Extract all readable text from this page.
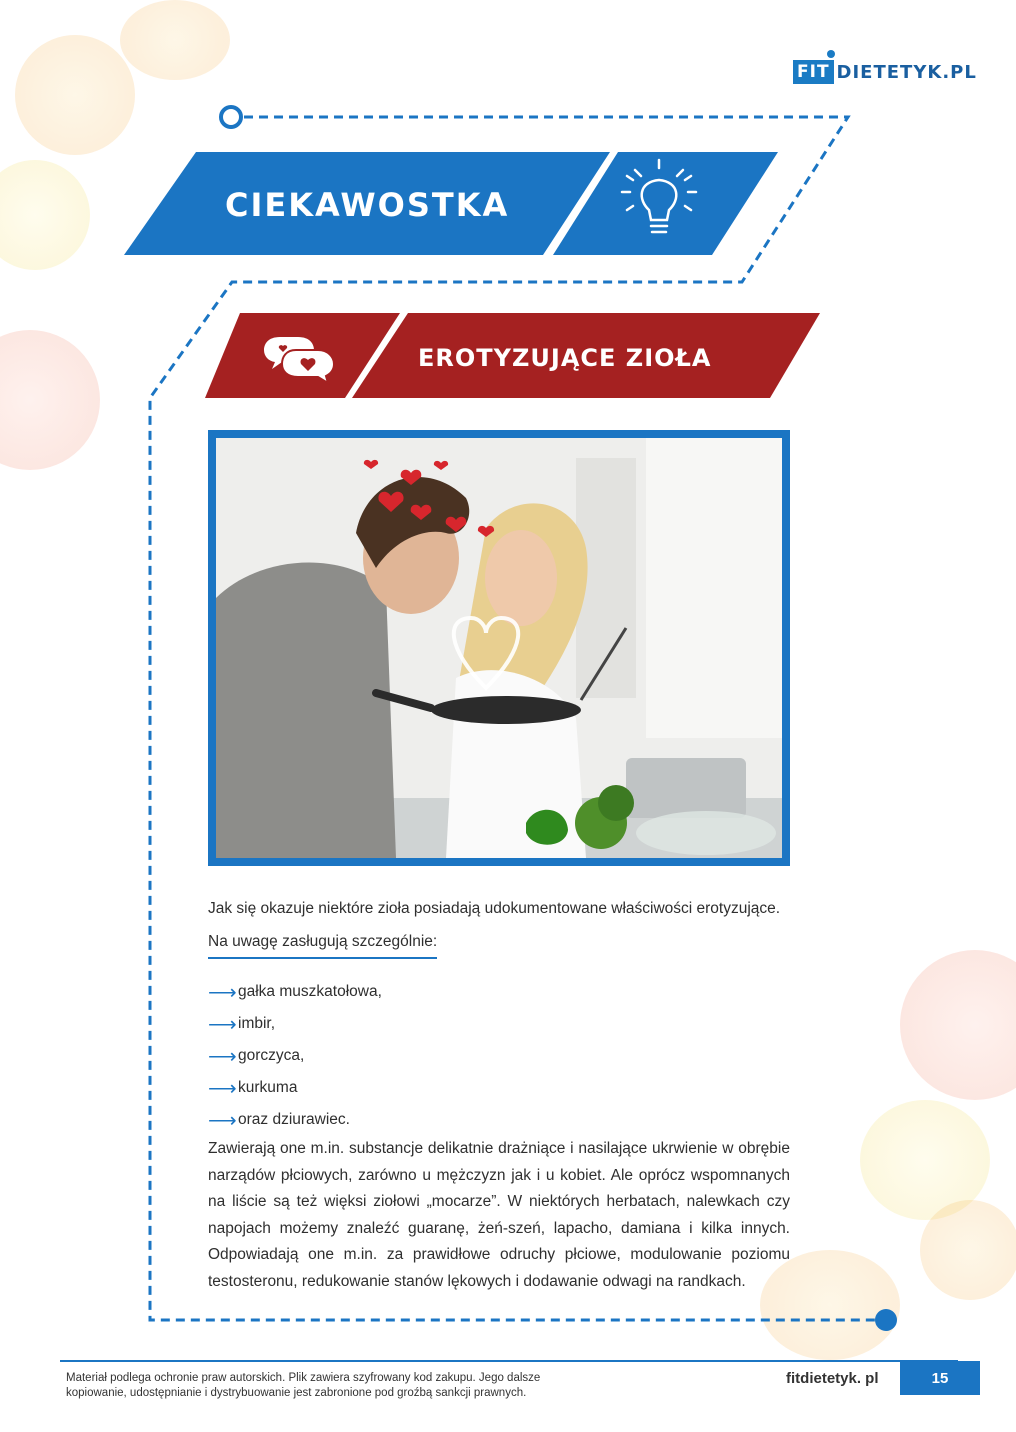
FIT DIETETYK.PL
CIEKAWOSTKA
EROTYZUJĄCE ZIOŁA
Jak się okazuje niektóre zioła posiadają udokumentowane właściwości erotyzujące.
Na uwagę zasługują szczególnie:
⟶ gałka muszkatołowa,
⟶ imbir,
⟶ gorczyca,
⟶ kurkuma
⟶ oraz dziurawiec.
Zawierają one m.in. substancje delikatnie drażniące i nasilające ukrwienie w obrębie narządów płciowych, zarówno u mężczyzn jak i u kobiet. Ale oprócz wspomnanych na liście są też więksi ziołowi „mocarze”. W niektórych herbatach, nalewkach czy napojach możemy znaleźć guaranę, żeń-szeń, lapacho, damiana i kilka innych. Odpowiadają one m.in. za prawidłowe odruchy płciowe, modulowanie poziomu testosteronu, redukowanie stanów lękowych i dodawanie odwagi na randkach.
Materiał podlega ochronie praw autorskich. Plik zawiera szyfrowany kod zakupu. Jego dalsze kopiowanie, udostępnianie i dystrybuowanie jest zabronione pod groźbą sankcji prawnych.
fitdietetyk. pl	15
